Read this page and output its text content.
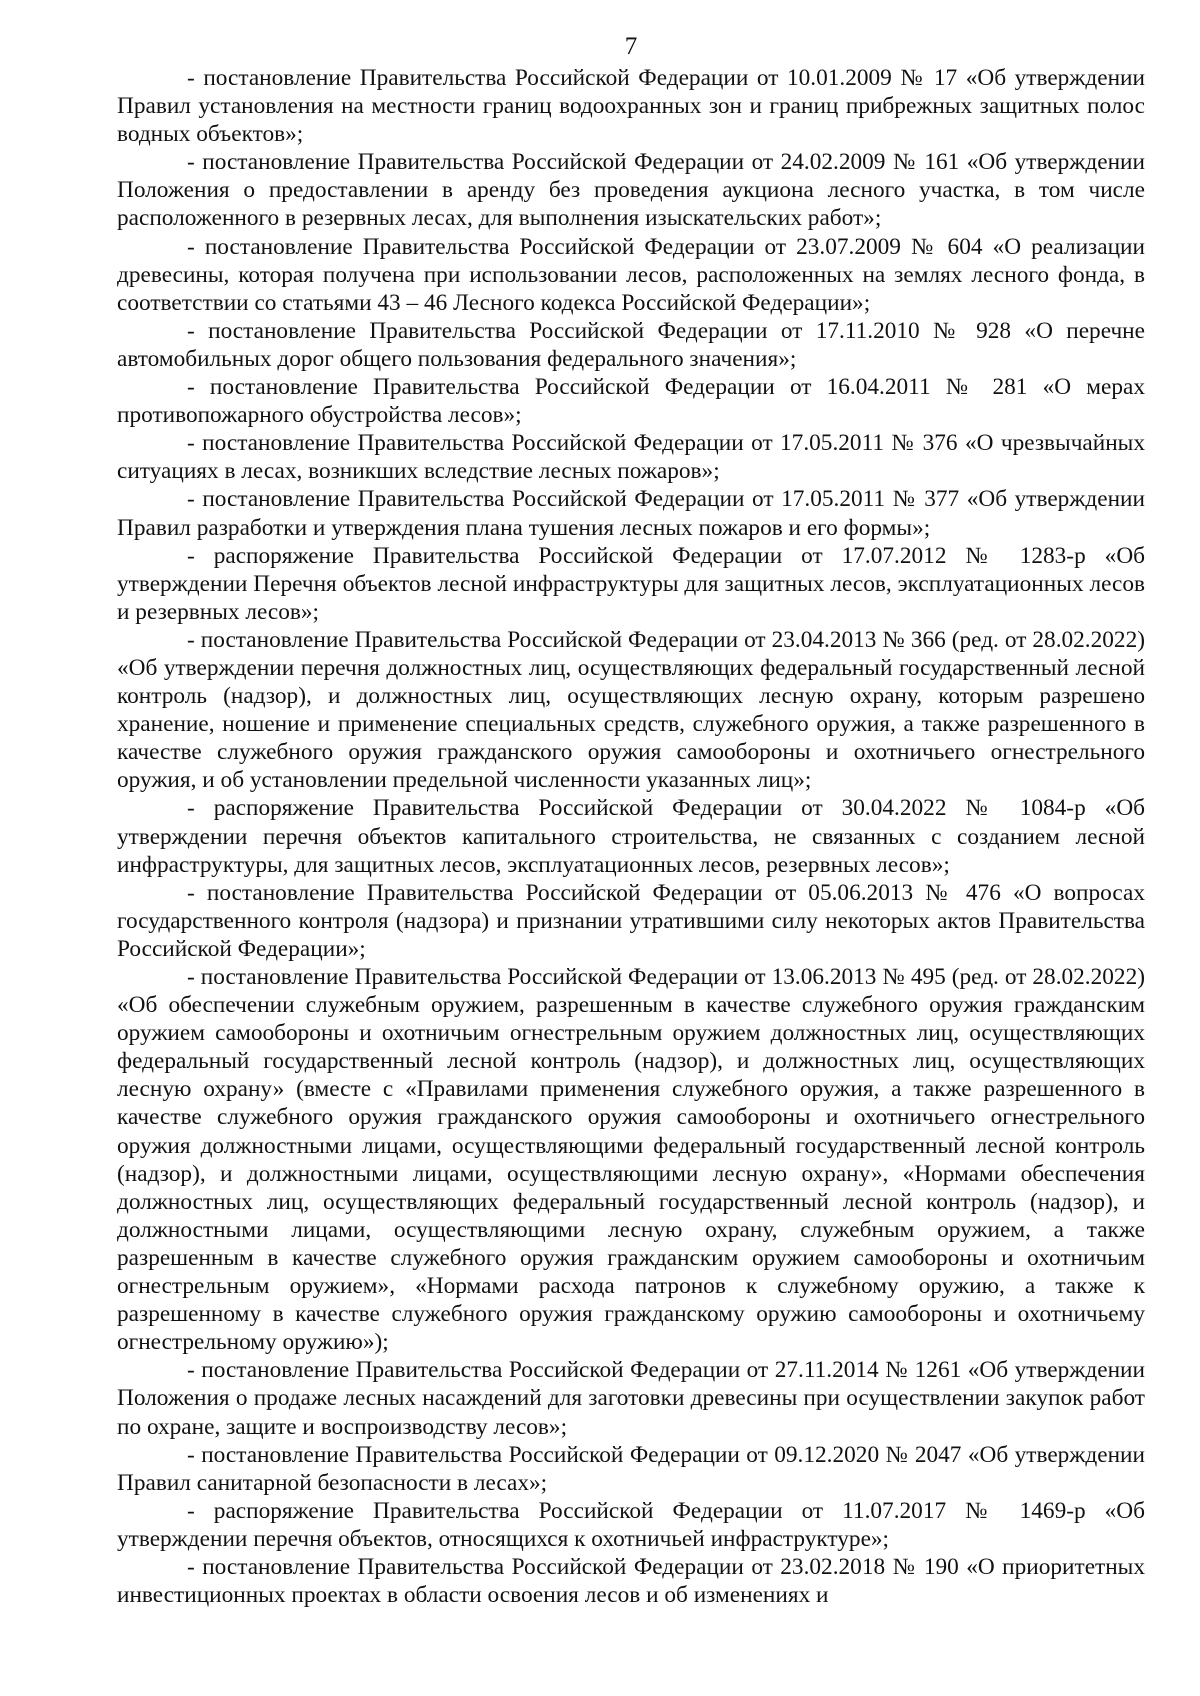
7

- постановление Правительства Российской Федерации от 10.01.2009 № 17 «Об утверждении Правил установления на местности границ водоохранных зон и границ прибрежных защитных полос водных объектов»;

- постановление Правительства Российской Федерации от 24.02.2009 № 161 «Об утверждении Положения о предоставлении в аренду без проведения аукциона лесного участка, в том числе расположенного в резервных лесах, для выполнения изыскательских работ»;

- постановление Правительства Российской Федерации от 23.07.2009 № 604 «О реализации древесины, которая получена при использовании лесов, расположенных на землях лесного фонда, в соответствии со статьями 43 – 46 Лесного кодекса Российской Федерации»;

- постановление Правительства Российской Федерации от 17.11.2010 № 928 «О перечне автомобильных дорог общего пользования федерального значения»;

- постановление Правительства Российской Федерации от 16.04.2011 № 281 «О мерах противопожарного обустройства лесов»;

- постановление Правительства Российской Федерации от 17.05.2011 № 376 «О чрезвычайных ситуациях в лесах, возникших вследствие лесных пожаров»;

- постановление Правительства Российской Федерации от 17.05.2011 № 377 «Об утверждении Правил разработки и утверждения плана тушения лесных пожаров и его формы»;

- распоряжение Правительства Российской Федерации от 17.07.2012 № 1283-р «Об утверждении Перечня объектов лесной инфраструктуры для защитных лесов, эксплуатационных лесов и резервных лесов»;

- постановление Правительства Российской Федерации от 23.04.2013 № 366 (ред. от 28.02.2022) «Об утверждении перечня должностных лиц, осуществляющих федеральный государственный лесной контроль (надзор), и должностных лиц, осуществляющих лесную охрану, которым разрешено хранение, ношение и применение специальных средств, служебного оружия, а также разрешенного в качестве служебного оружия гражданского оружия самообороны и охотничьего огнестрельного оружия, и об установлении предельной численности указанных лиц»;

- распоряжение Правительства Российской Федерации от 30.04.2022 № 1084-р «Об утверждении перечня объектов капитального строительства, не связанных с созданием лесной инфраструктуры, для защитных лесов, эксплуатационных лесов, резервных лесов»;

- постановление Правительства Российской Федерации от 05.06.2013 № 476 «О вопросах государственного контроля (надзора) и признании утратившими силу некоторых актов Правительства Российской Федерации»;

- постановление Правительства Российской Федерации от 13.06.2013 № 495 (ред. от 28.02.2022) «Об обеспечении служебным оружием, разрешенным в качестве служебного оружия гражданским оружием самообороны и охотничьим огнестрельным оружием должностных лиц, осуществляющих федеральный государственный лесной контроль (надзор), и должностных лиц, осуществляющих лесную охрану» (вместе с «Правилами применения служебного оружия, а также разрешенного в качестве служебного оружия гражданского оружия самообороны и охотничьего огнестрельного оружия должностными лицами, осуществляющими федеральный государственный лесной контроль (надзор), и должностными лицами, осуществляющими лесную охрану», «Нормами обеспечения должностных лиц, осуществляющих федеральный государственный лесной контроль (надзор), и должностными лицами, осуществляющими лесную охрану, служебным оружием, а также разрешенным в качестве служебного оружия гражданским оружием самообороны и охотничьим огнестрельным оружием», «Нормами расхода патронов к служебному оружию, а также к разрешенному в качестве служебного оружия гражданскому оружию самообороны и охотничьему огнестрельному оружию»);

- постановление Правительства Российской Федерации от 27.11.2014 № 1261 «Об утверждении Положения о продаже лесных насаждений для заготовки древесины при осуществлении закупок работ по охране, защите и воспроизводству лесов»;

- постановление Правительства Российской Федерации от 09.12.2020 № 2047 «Об утверждении Правил санитарной безопасности в лесах»;

- распоряжение Правительства Российской Федерации от 11.07.2017 № 1469-р «Об утверждении перечня объектов, относящихся к охотничьей инфраструктуре»;

- постановление Правительства Российской Федерации от 23.02.2018 № 190 «О приоритетных инвестиционных проектах в области освоения лесов и об изменениях и
